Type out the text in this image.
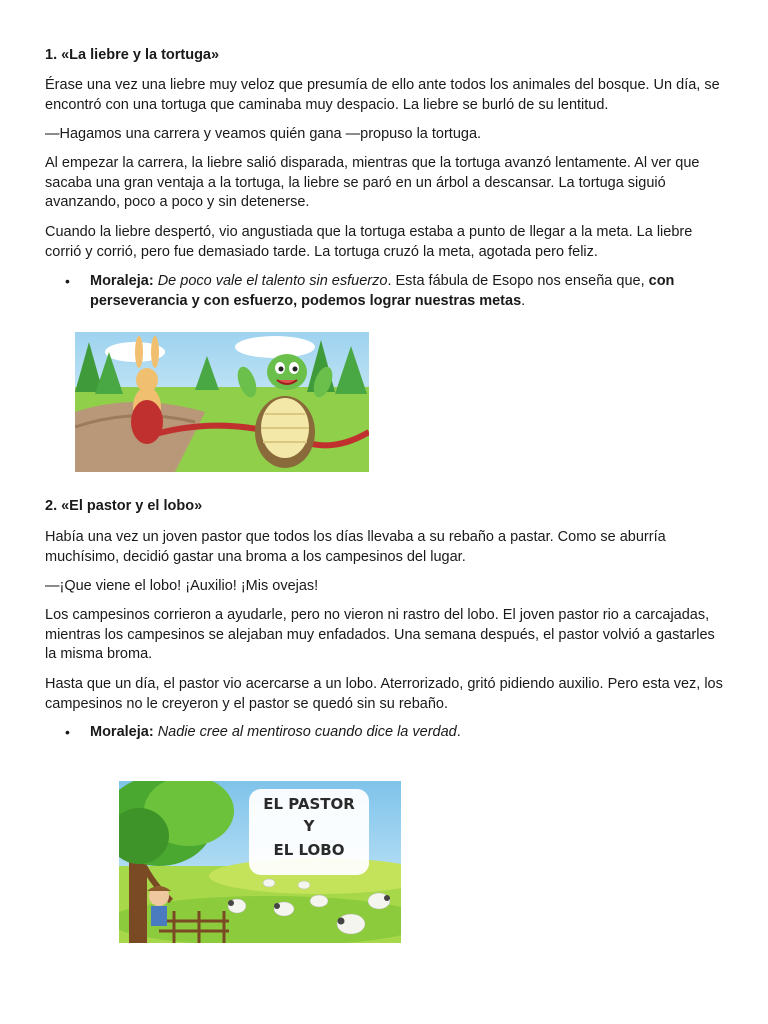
1. «La liebre y la tortuga»

Érase una vez una liebre muy veloz que presumía de ello ante todos los animales del bosque. Un día, se encontró con una tortuga que caminaba muy despacio. La liebre se burló de su lentitud.

—Hagamos una carrera y veamos quién gana —propuso la tortuga.

Al empezar la carrera, la liebre salió disparada, mientras que la tortuga avanzó lentamente. Al ver que sacaba una gran ventaja a la tortuga, la liebre se paró en un árbol a descansar. La tortuga siguió avanzando, poco a poco y sin detenerse.

Cuando la liebre despertó, vio angustiada que la tortuga estaba a punto de llegar a la meta. La liebre corrió y corrió, pero fue demasiado tarde. La tortuga cruzó la meta, agotada pero feliz.

• Moraleja: De poco vale el talento sin esfuerzo. Esta fábula de Esopo nos enseña que, con perseverancia y con esfuerzo, podemos lograr nuestras metas.
2. «El pastor y el lobo»

Había una vez un joven pastor que todos los días llevaba a su rebaño a pastar. Como se aburría muchísimo, decidió gastar una broma a los campesinos del lugar.

—¡Que viene el lobo! ¡Auxilio! ¡Mis ovejas!

Los campesinos corrieron a ayudarle, pero no vieron ni rastro del lobo. El joven pastor rio a carcajadas, mientras los campesinos se alejaban muy enfadados. Una semana después, el pastor volvió a gastarles la misma broma.

Hasta que un día, el pastor vio acercarse a un lobo. Aterrorizado, gritó pidiendo auxilio. Pero esta vez, los campesinos no le creyeron y el pastor se quedó sin su rebaño.

• Moraleja: Nadie cree al mentiroso cuando dice la verdad.
EL PASTOR
Y
EL LOBO
